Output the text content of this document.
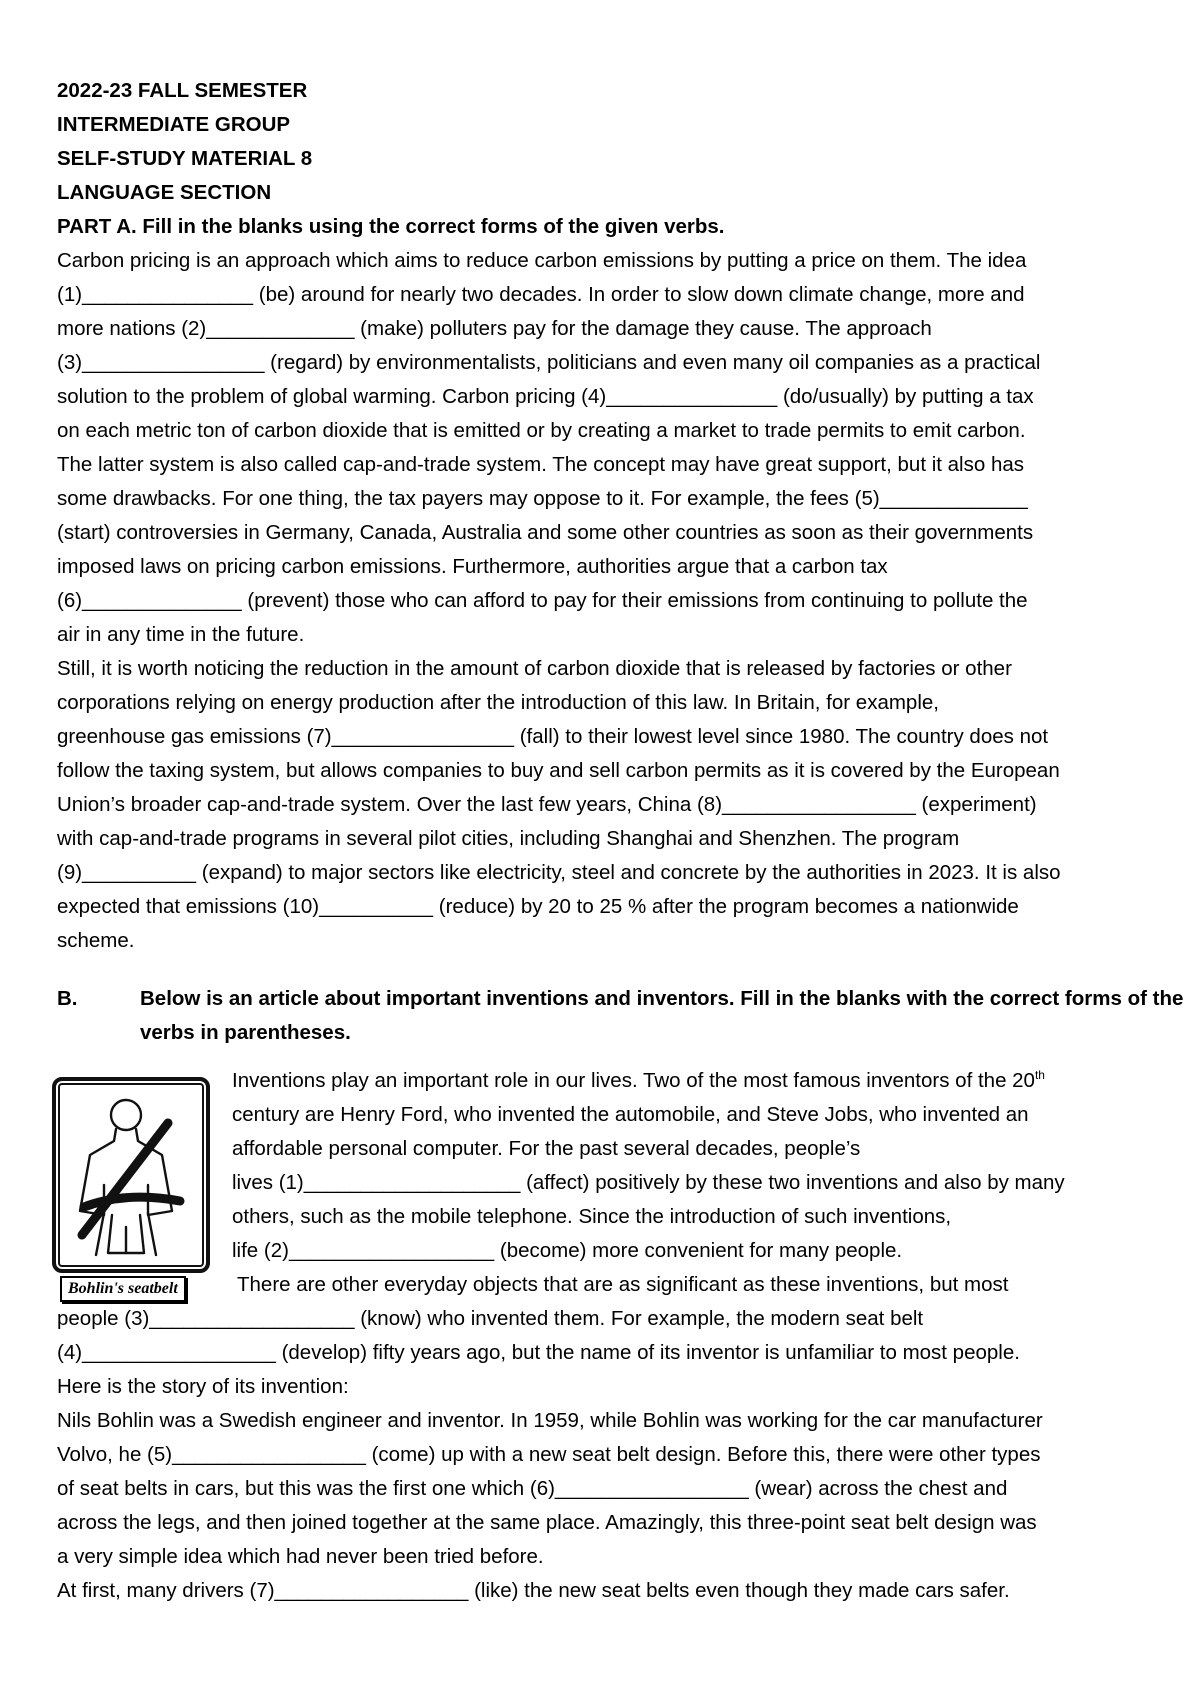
2022-23 FALL SEMESTER
INTERMEDIATE GROUP
SELF-STUDY MATERIAL 8
LANGUAGE SECTION
PART A. Fill in the blanks using the correct forms of the given verbs.
Carbon pricing is an approach which aims to reduce carbon emissions by putting a price on them. The idea
(1)_______________ (be) around for nearly two decades. In order to slow down climate change, more and
more nations (2)_____________ (make) polluters pay for the damage they cause. The approach
(3)________________ (regard) by environmentalists, politicians and even many oil companies as a practical
solution to the problem of global warming. Carbon pricing (4)_______________ (do/usually) by putting a tax
on each metric ton of carbon dioxide that is emitted or by creating a market to trade permits to emit carbon.
The latter system is also called cap-and-trade system. The concept may have great support, but it also has
some drawbacks. For one thing, the tax payers may oppose to it. For example, the fees (5)_____________
(start) controversies in Germany, Canada, Australia and some other countries as soon as their governments
imposed laws on pricing carbon emissions. Furthermore, authorities argue that a carbon tax
(6)______________ (prevent) those who can afford to pay for their emissions from continuing to pollute the
air in any time in the future.
Still, it is worth noticing the reduction in the amount of carbon dioxide that is released by factories or other
corporations relying on energy production after the introduction of this law. In Britain, for example,
greenhouse gas emissions (7)________________ (fall) to their lowest level since 1980. The country does not
follow the taxing system, but allows companies to buy and sell carbon permits as it is covered by the European
Union’s broader cap-and-trade system. Over the last few years, China (8)_________________ (experiment)
with cap-and-trade programs in several pilot cities, including Shanghai and Shenzhen. The program
(9)__________ (expand) to major sectors like electricity, steel and concrete by the authorities in 2023. It is also
expected that emissions (10)__________ (reduce) by 20 to 25 % after the program becomes a nationwide
scheme.
B.	Below is an article about important inventions and inventors. Fill in the blanks with the correct forms of the verbs in parentheses.
Bohlin's seatbelt
Inventions play an important role in our lives. Two of the most famous inventors of the 20th
century are Henry Ford, who invented the automobile, and Steve Jobs, who invented an
affordable personal computer. For the past several decades, people’s
lives (1)___________________ (affect) positively by these two inventions and also by many
others, such as the mobile telephone. Since the introduction of such inventions,
life (2)__________________ (become) more convenient for many people.
There are other everyday objects that are as significant as these inventions, but most
people (3)__________________ (know) who invented them. For example, the modern seat belt
(4)_________________ (develop) fifty years ago, but the name of its inventor is unfamiliar to most people.
Here is the story of its invention:
Nils Bohlin was a Swedish engineer and inventor. In 1959, while Bohlin was working for the car manufacturer
Volvo, he (5)_________________ (come) up with a new seat belt design. Before this, there were other types
of seat belts in cars, but this was the first one which (6)_________________ (wear) across the chest and
across the legs, and then joined together at the same place. Amazingly, this three-point seat belt design was
a very simple idea which had never been tried before.
At first, many drivers (7)_________________ (like) the new seat belts even though they made cars safer.
